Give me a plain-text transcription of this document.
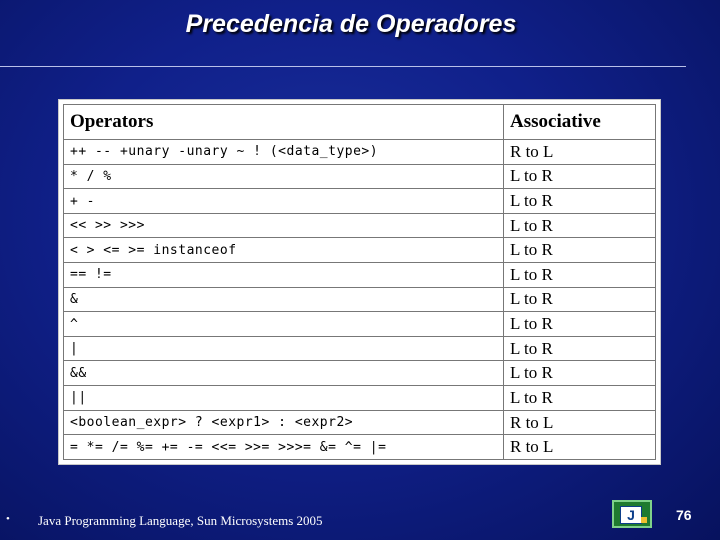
Precedencia de Operadores
Operators	Associative
++ -- +unary -unary ~ ! (<data_type>)	R to L
* / %	L to R
+ -	L to R
<< >> >>>	L to R
< > <= >= instanceof	L to R
== !=	L to R
&	L to R
^	L to R
|	L to R
&&	L to R
||	L to R
<boolean_expr> ? <expr1> : <expr2>	R to L
= *= /= %= += -= <<= >>= >>>= &= ^= |=	R to L
• Java Programming Language, Sun Microsystems 2005	J	76
